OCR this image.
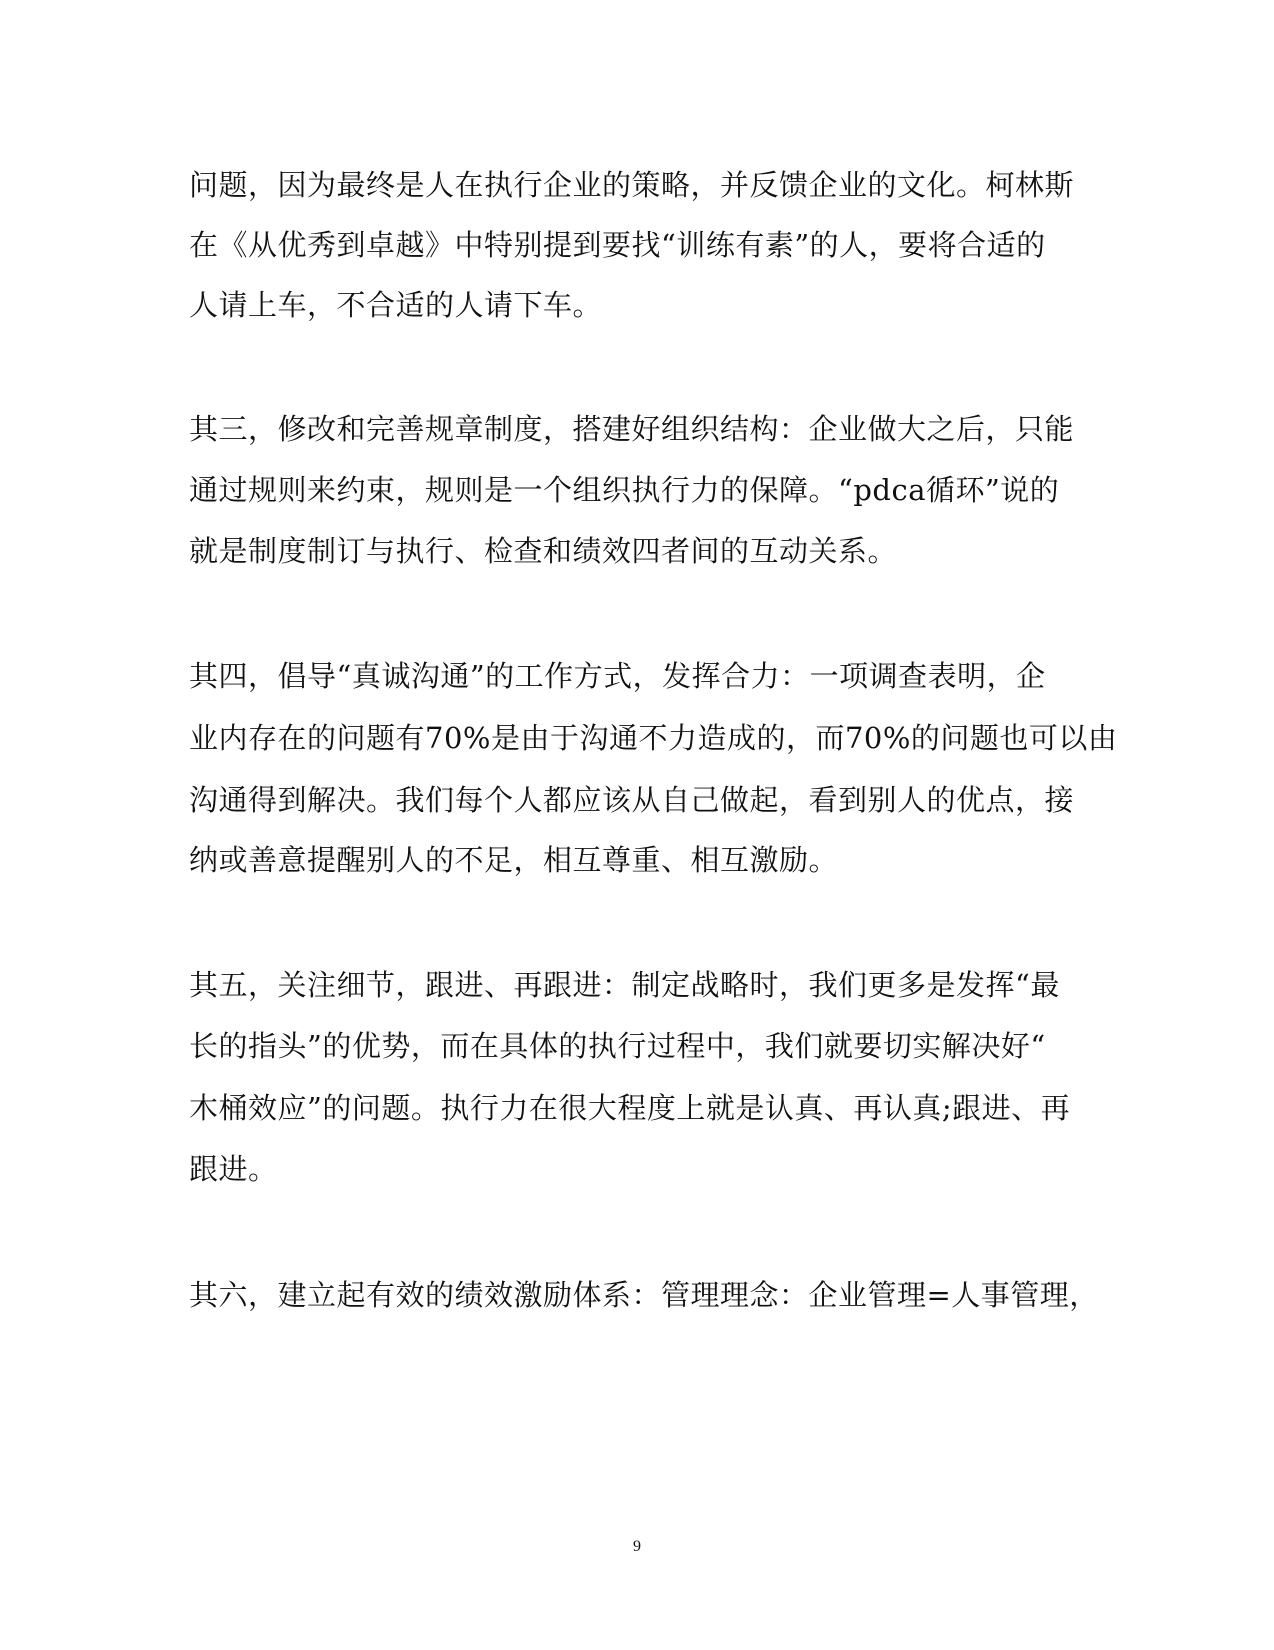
问题，因为最终是人在执行企业的策略，并反馈企业的文化。柯林斯
在《从优秀到卓越》中特别提到要找“训练有素”的人，要将合适的
人请上车，不合适的人请下车。
其三，修改和完善规章制度，搭建好组织结构：企业做大之后，只能
通过规则来约束，规则是一个组织执行力的保障。“pdca循环”说的
就是制度制订与执行、检查和绩效四者间的互动关系。
其四，倡导“真诚沟通”的工作方式，发挥合力：一项调查表明，企
业内存在的问题有70%是由于沟通不力造成的，而70%的问题也可以由
沟通得到解决。我们每个人都应该从自己做起，看到别人的优点，接
纳或善意提醒别人的不足，相互尊重、相互激励。
其五，关注细节，跟进、再跟进：制定战略时，我们更多是发挥“最
长的指头”的优势，而在具体的执行过程中，我们就要切实解决好“
木桶效应”的问题。执行力在很大程度上就是认真、再认真;跟进、再
跟进。
其六，建立起有效的绩效激励体系：管理理念：企业管理=人事管理，
9
